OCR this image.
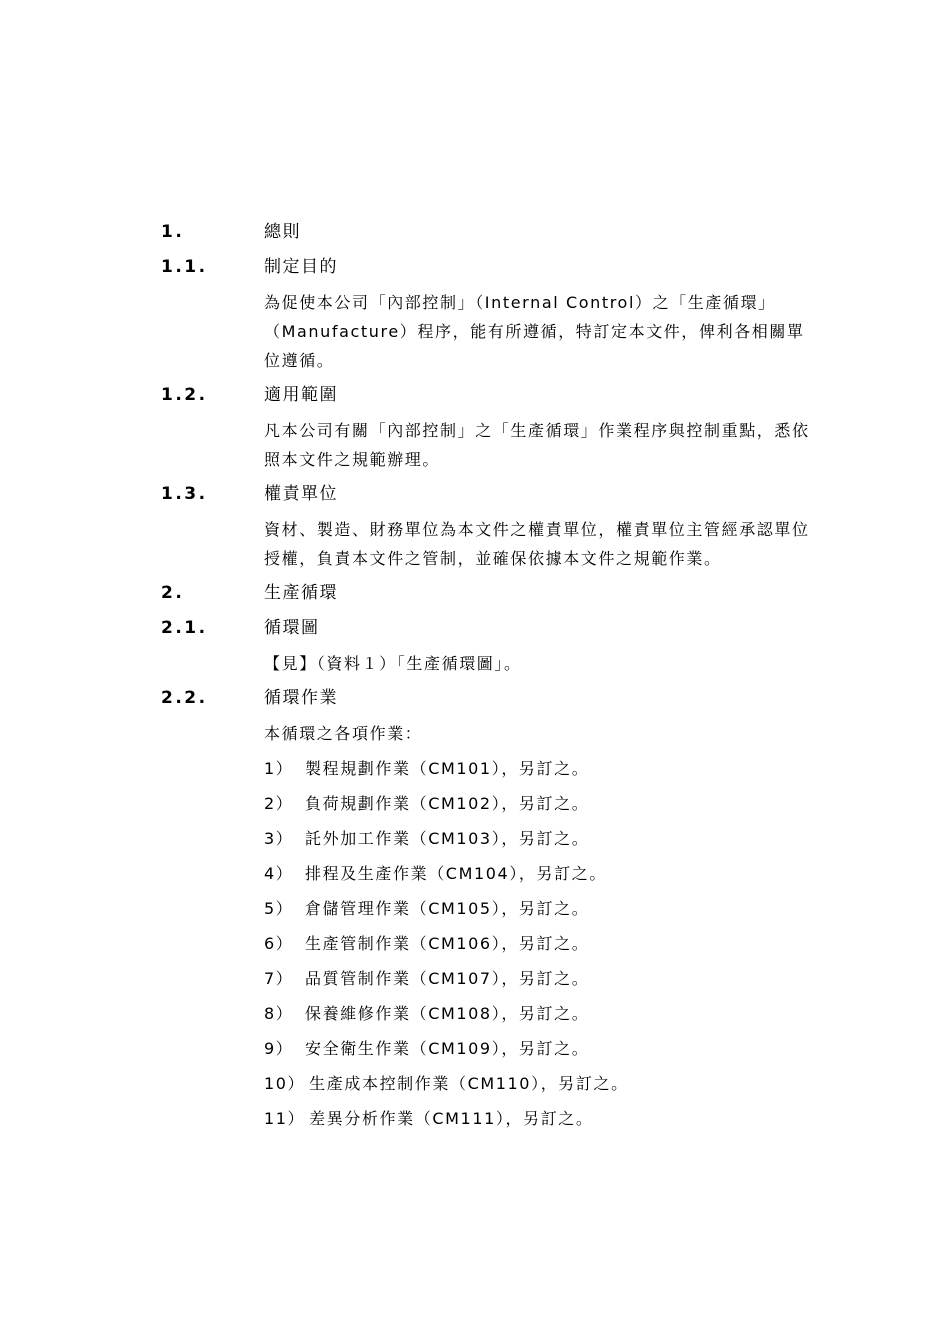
1.	總則
1.1.	制定目的
為促使本公司「內部控制」（Internal Control）之「生產循環」
（Manufacture）程序，能有所遵循，特訂定本文件，俾利各相關單
位遵循。
1.2.	適用範圍
凡本公司有關「內部控制」之「生產循環」作業程序與控制重點，悉依
照本文件之規範辦理。
1.3.	權責單位
資材、製造、財務單位為本文件之權責單位，權責單位主管經承認單位
授權，負責本文件之管制，並確保依據本文件之規範作業。
2.	生產循環
2.1.	循環圖
【見】（資料１）「生產循環圖」。
2.2.	循環作業
本循環之各項作業：
1） 製程規劃作業（CM101），另訂之。
2） 負荷規劃作業（CM102），另訂之。
3） 託外加工作業（CM103），另訂之。
4） 排程及生產作業（CM104），另訂之。
5） 倉儲管理作業（CM105），另訂之。
6） 生產管制作業（CM106），另訂之。
7） 品質管制作業（CM107），另訂之。
8） 保養維修作業（CM108），另訂之。
9） 安全衛生作業（CM109），另訂之。
10） 生產成本控制作業（CM110），另訂之。
11） 差異分析作業（CM111），另訂之。
